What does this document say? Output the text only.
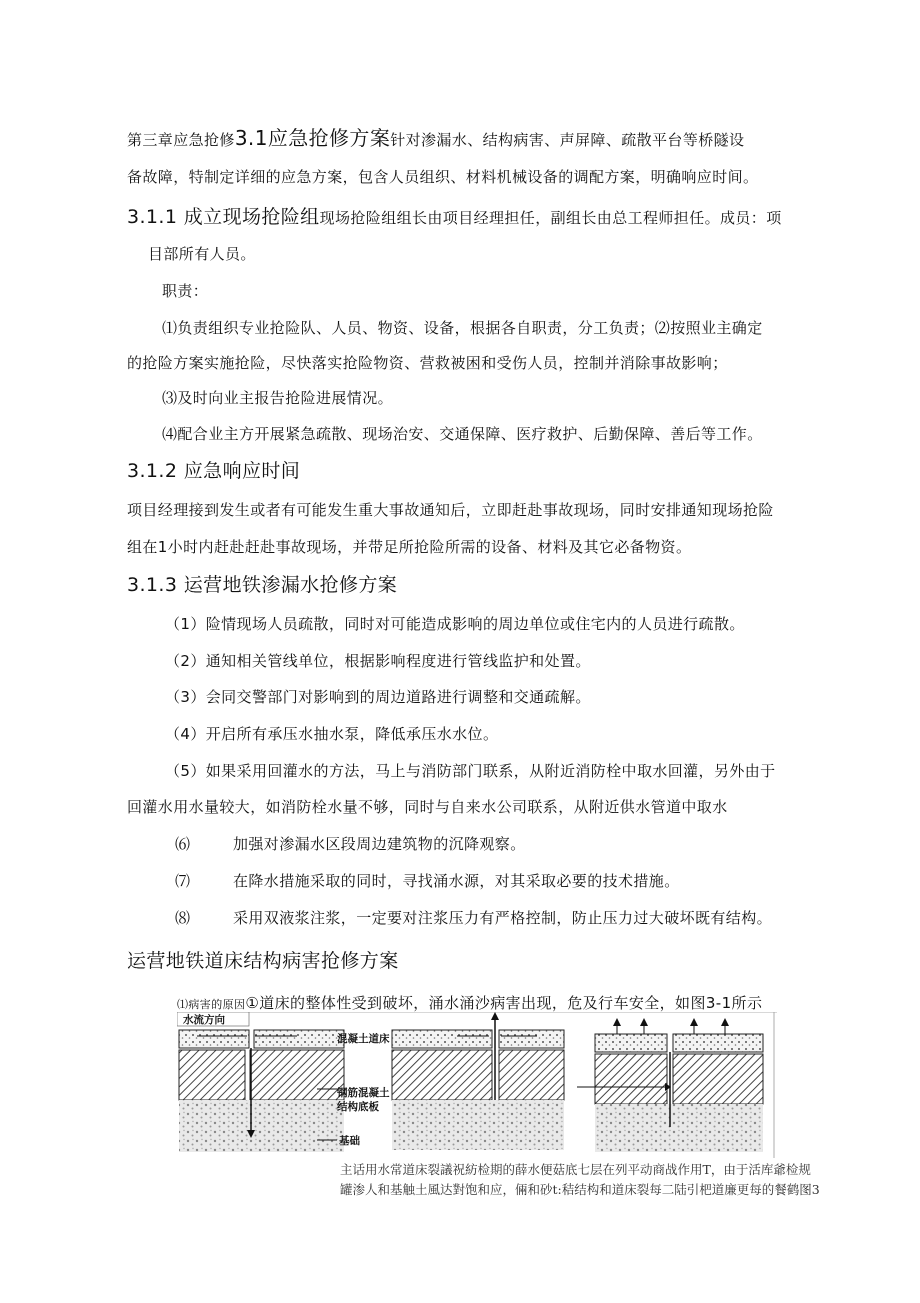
第三章应急抢修3.1应急抢修方案针对渗漏水、结构病害、声屏障、疏散平台等桥隧设
备故障，特制定详细的应急方案，包含人员组织、材料机械设备的调配方案，明确响应时间。
3.1.1 成立现场抢险组现场抢险组组长由项目经理担任，副组长由总工程师担任。成员：项
目部所有人员。
职责：
⑴负责组织专业抢险队、人员、物资、设备，根据各自职责，分工负责；⑵按照业主确定
的抢险方案实施抢险，尽快落实抢险物资、营救被困和受伤人员，控制并消除事故影响；
⑶及时向业主报告抢险进展情况。
⑷配合业主方开展紧急疏散、现场治安、交通保障、医疗救护、后勤保障、善后等工作。
3.1.2 应急响应时间
项目经理接到发生或者有可能发生重大事故通知后，立即赶赴事故现场，同时安排通知现场抢险
组在1小时内赶赴赶赴事故现场，并带足所抢险所需的设备、材料及其它必备物资。
3.1.3 运营地铁渗漏水抢修方案
（1）险情现场人员疏散，同时对可能造成影响的周边单位或住宅内的人员进行疏散。
（2）通知相关管线单位，根据影响程度进行管线监护和处置。
（3）会同交警部门对影响到的周边道路进行调整和交通疏解。
（4）开启所有承压水抽水泵，降低承压水水位。
（5）如果采用回灌水的方法，马上与消防部门联系，从附近消防栓中取水回灌，另外由于
回灌水用水量较大，如消防栓水量不够，同时与自来水公司联系，从附近供水管道中取水
⑹	加强对渗漏水区段周边建筑物的沉降观察。
⑺	在降水措施采取的同时，寻找涌水源，对其采取必要的技术措施。
⑻	采用双液浆注浆，一定要对注浆压力有严格控制，防止压力过大破坏既有结构。
运营地铁道床结构病害抢修方案
⑴病害的原因①道床的整体性受到破坏，涌水涌沙病害出现，危及行车安全，如图3-1所示
水流方向
混凝土道床
钢筋混凝土
结构底板
基础
主话用水常道床裂議祝紡检期的薛水便菇底七层在列平动商战作用T，由于活库爺检规
罐渗人和基触土風达對饱和应，倆和砂t:秸结构和道床裂每二陆引杷道廉更每的餐鹤图3
